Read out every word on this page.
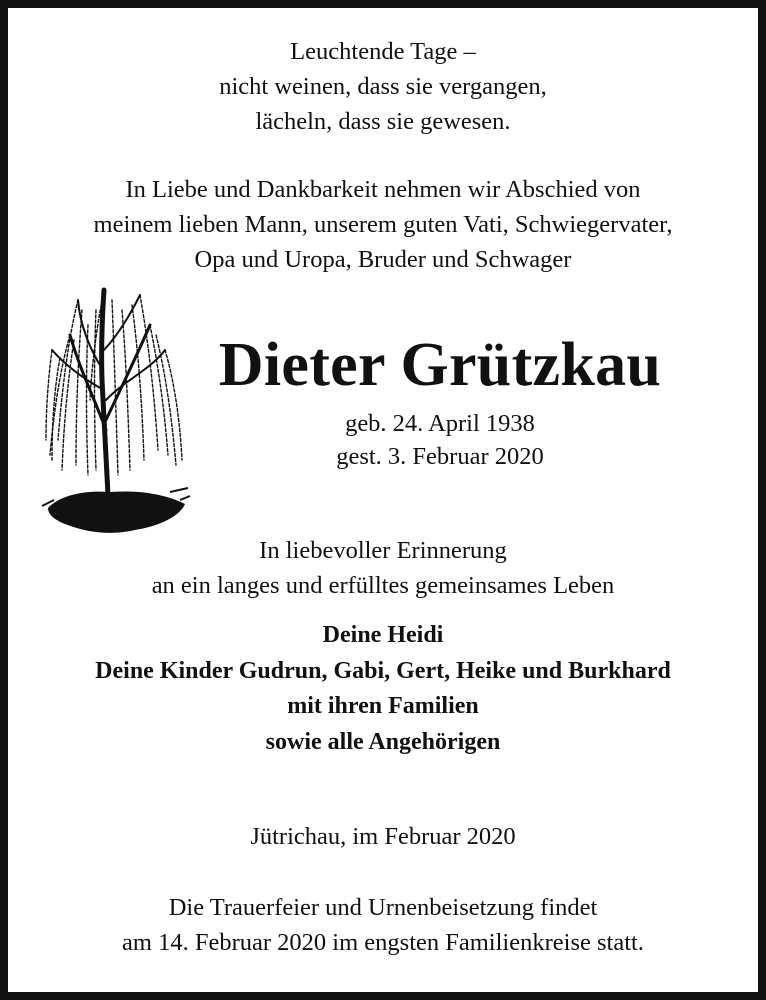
Leuchtende Tage –
nicht weinen, dass sie vergangen,
lächeln, dass sie gewesen.
In Liebe und Dankbarkeit nehmen wir Abschied von
meinem lieben Mann, unserem guten Vati, Schwiegervater,
Opa und Uropa, Bruder und Schwager
Dieter Grützkau
geb. 24. April 1938
gest. 3. Februar 2020
In liebevoller Erinnerung
an ein langes und erfülltes gemeinsames Leben
Deine Heidi
Deine Kinder Gudrun, Gabi, Gert, Heike und Burkhard
mit ihren Familien
sowie alle Angehörigen
Jütrichau, im Februar 2020
Die Trauerfeier und Urnenbeisetzung findet
am 14. Februar 2020 im engsten Familienkreise statt.
